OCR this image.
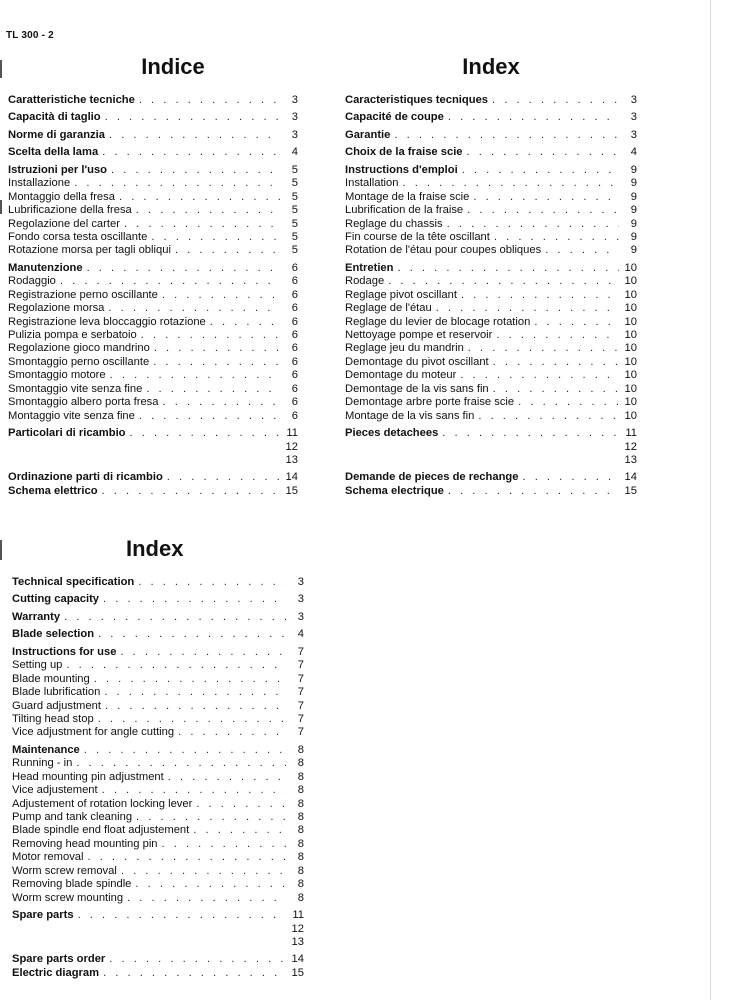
TL 300 - 2
Indice
Caratteristiche tecniche . . .	3
Capacità di taglio . . .	3
Norme di garanzia . . .	3
Scelta della lama . . .	4
Istruzioni per l'uso . . .	5
Installazione . . .	5
Montaggio della fresa . . .	5
Lubrificazione della fresa . . .	5
Regolazione del carter . . .	5
Fondo corsa testa oscillante . . .	5
Rotazione morsa per tagli obliqui . . .	5
Manutenzione . . .	6
Rodaggio . . .	6
Registrazione perno oscillante . . .	6
Regolazione morsa . . .	6
Registrazione leva bloccaggio rotazione . . .	6
Pulizia pompa e serbatoio . . .	6
Regolazione gioco mandrino . . .	6
Smontaggio perno oscillante . . .	6
Smontaggio motore . . .	6
Smontaggio vite senza fine . . .	6
Smontaggio albero porta fresa . . .	6
Montaggio vite senza fine . . .	6
Particolari di ricambio . . .	11
12
13
Ordinazione parti di ricambio . . .	14
Schema elettrico . . .	15
Index
Caracteristiques tecniques . . .	3
Capacité de coupe . . .	3
Garantie . . .	3
Choix de la fraise scie . . .	4
Instructions d'emploi . . .	9
Installation . . .	9
Montage de la fraise scie . . .	9
Lubrification de la fraise . . .	9
Reglage du chassis . . .	9
Fin course de la tête oscillant . . .	9
Rotation de l'étau pour coupes obliques . . .	9
Entretien . . .	10
Rodage . . .	10
Reglage pivot oscillant . . .	10
Reglage de l'étau . . .	10
Reglage du levier de blocage rotation . . .	10
Nettoyage pompe et reservoir . . .	10
Reglage jeu du mandrin . . .	10
Demontage du pivot oscillant . . .	10
Demontage du moteur . . .	10
Demontage de la vis sans fin . . .	10
Demontage arbre porte fraise scie . . .	10
Montage de la vis sans fin . . .	10
Pieces detachees . . .	11
12
13
Demande de pieces de rechange . . .	14
Schema electrique . . .	15
Index
Technical specification . . .	3
Cutting capacity . . .	3
Warranty . . .	3
Blade selection . . .	4
Instructions for use . . .	7
Setting up . . .	7
Blade mounting . . .	7
Blade lubrification . . .	7
Guard adjustment . . .	7
Tilting head stop . . .	7
Vice adjustment for angle cutting . . .	7
Maintenance . . .	8
Running - in . . .	8
Head mounting pin adjustment . . .	8
Vice adjustement . . .	8
Adjustement of rotation locking lever . . .	8
Pump and tank cleaning . . .	8
Blade spindle end float adjustement . . .	8
Removing head mounting pin . . .	8
Motor removal . . .	8
Worm screw removal . . .	8
Removing blade spindle . . .	8
Worm screw mounting . . .	8
Spare parts . . .	11
12
13
Spare parts order . . .	14
Electric diagram . . .	15
